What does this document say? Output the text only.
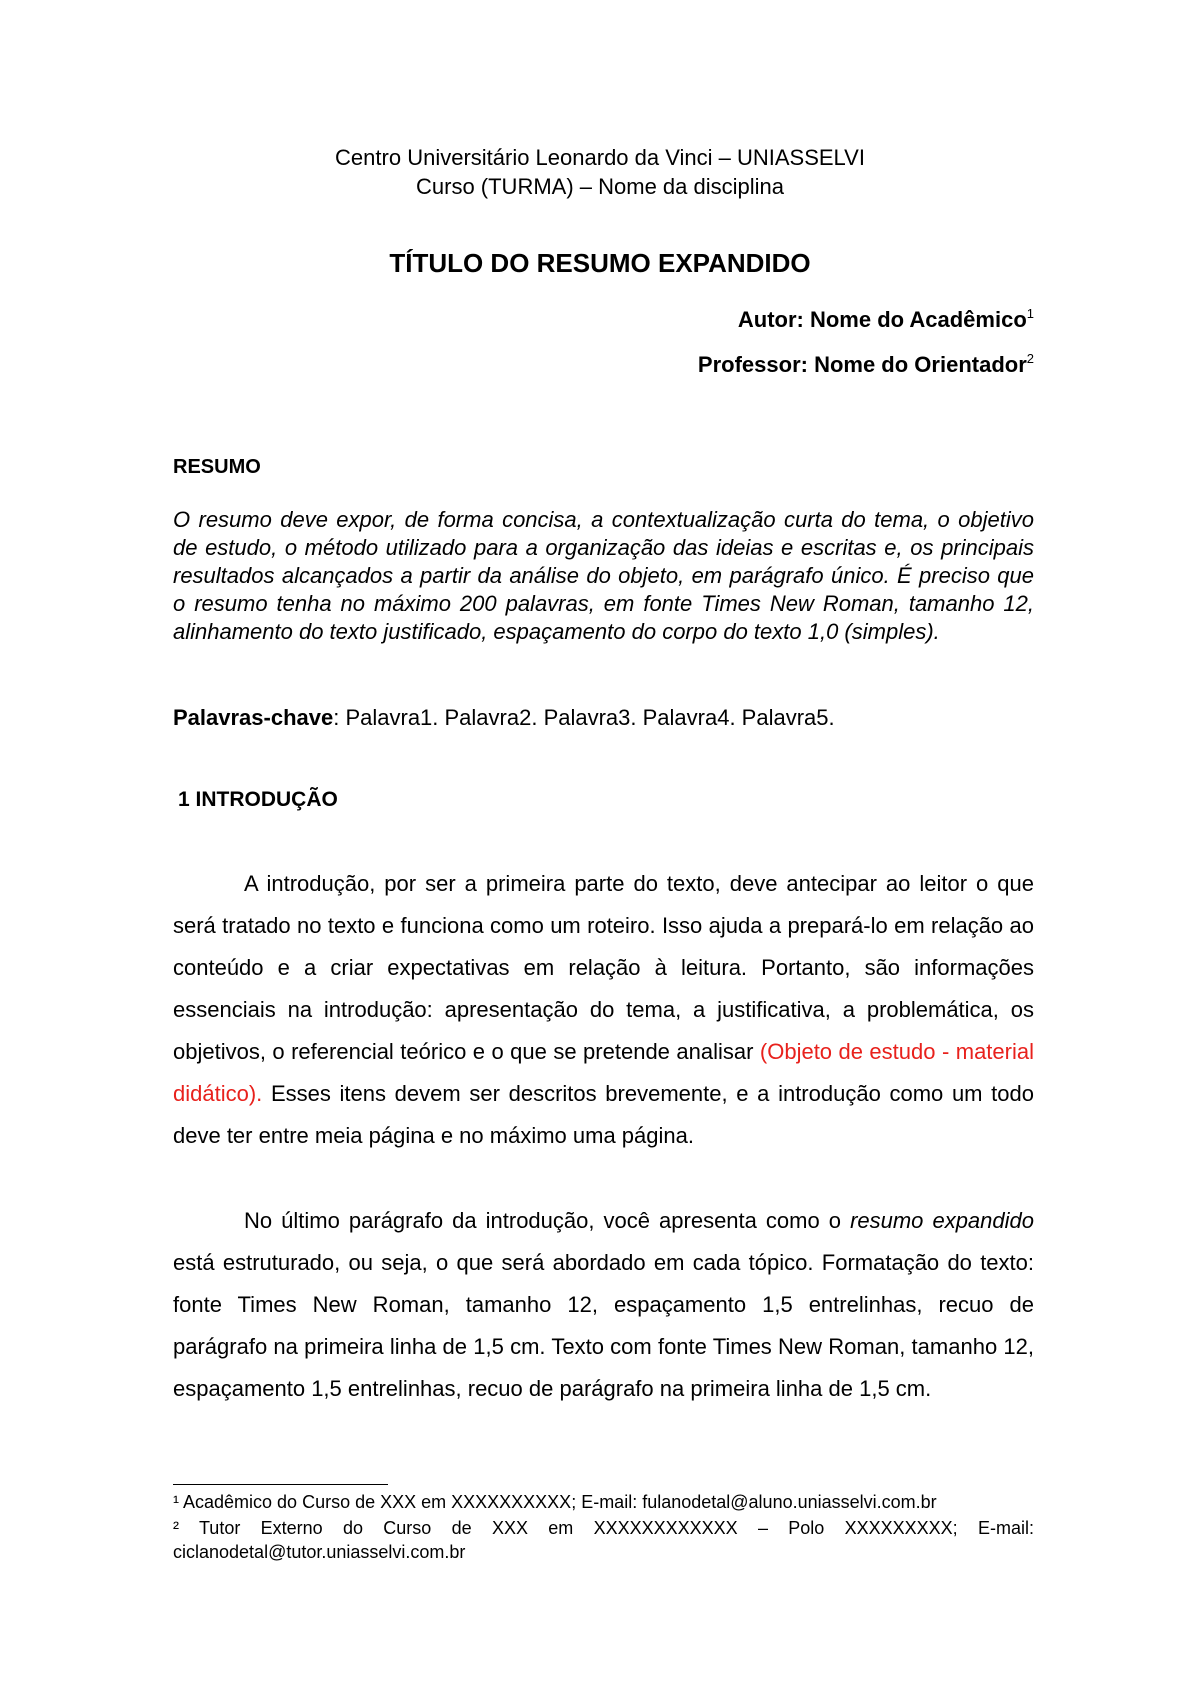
Centro Universitário Leonardo da Vinci – UNIASSELVI

Curso (TURMA) – Nome da disciplina

TÍTULO DO RESUMO EXPANDIDO

Autor: Nome do Acadêmico$^1$

Professor: Nome do Orientador$^2$

RESUMO

O resumo deve expor, de forma concisa, a contextualização curta do tema, o objetivo de estudo, o método utilizado para a organização das ideias e escritas e, os principais resultados alcançados a partir da análise do objeto, em parágrafo único. É preciso que o resumo tenha no máximo 200 palavras, em fonte Times New Roman, tamanho 12, alinhamento do texto justificado, espaçamento do corpo do texto 1,0 (simples).

Palavras-chave: Palavra1. Palavra2. Palavra3. Palavra4. Palavra5.

1 INTRODUÇÃO

A introdução, por ser a primeira parte do texto, deve antecipar ao leitor o que será tratado no texto e funciona como um roteiro. Isso ajuda a prepará-lo em relação ao conteúdo e a criar expectativas em relação à leitura. Portanto, são informações essenciais na introdução: apresentação do tema, a justificativa, a problemática, os objetivos, o referencial teórico e o que se pretende analisar (Objeto de estudo - material didático). Esses itens devem ser descritos brevemente, e a introdução como um todo deve ter entre meia página e no máximo uma página.

No último parágrafo da introdução, você apresenta como o resumo expandido está estruturado, ou seja, o que será abordado em cada tópico. Formatação do texto: fonte Times New Roman, tamanho 12, espaçamento 1,5 entrelinhas, recuo de parágrafo na primeira linha de 1,5 cm. Texto com fonte Times New Roman, tamanho 12, espaçamento 1,5 entrelinhas, recuo de parágrafo na primeira linha de 1,5 cm.

¹ Acadêmico do Curso de XXX em XXXXXXXXXX; E-mail: fulanodetal@aluno.uniasselvi.com.br

² Tutor Externo do Curso de XXX em XXXXXXXXXXXX – Polo XXXXXXXXX; E-mail: ciclanodetal@tutor.uniasselvi.com.br
